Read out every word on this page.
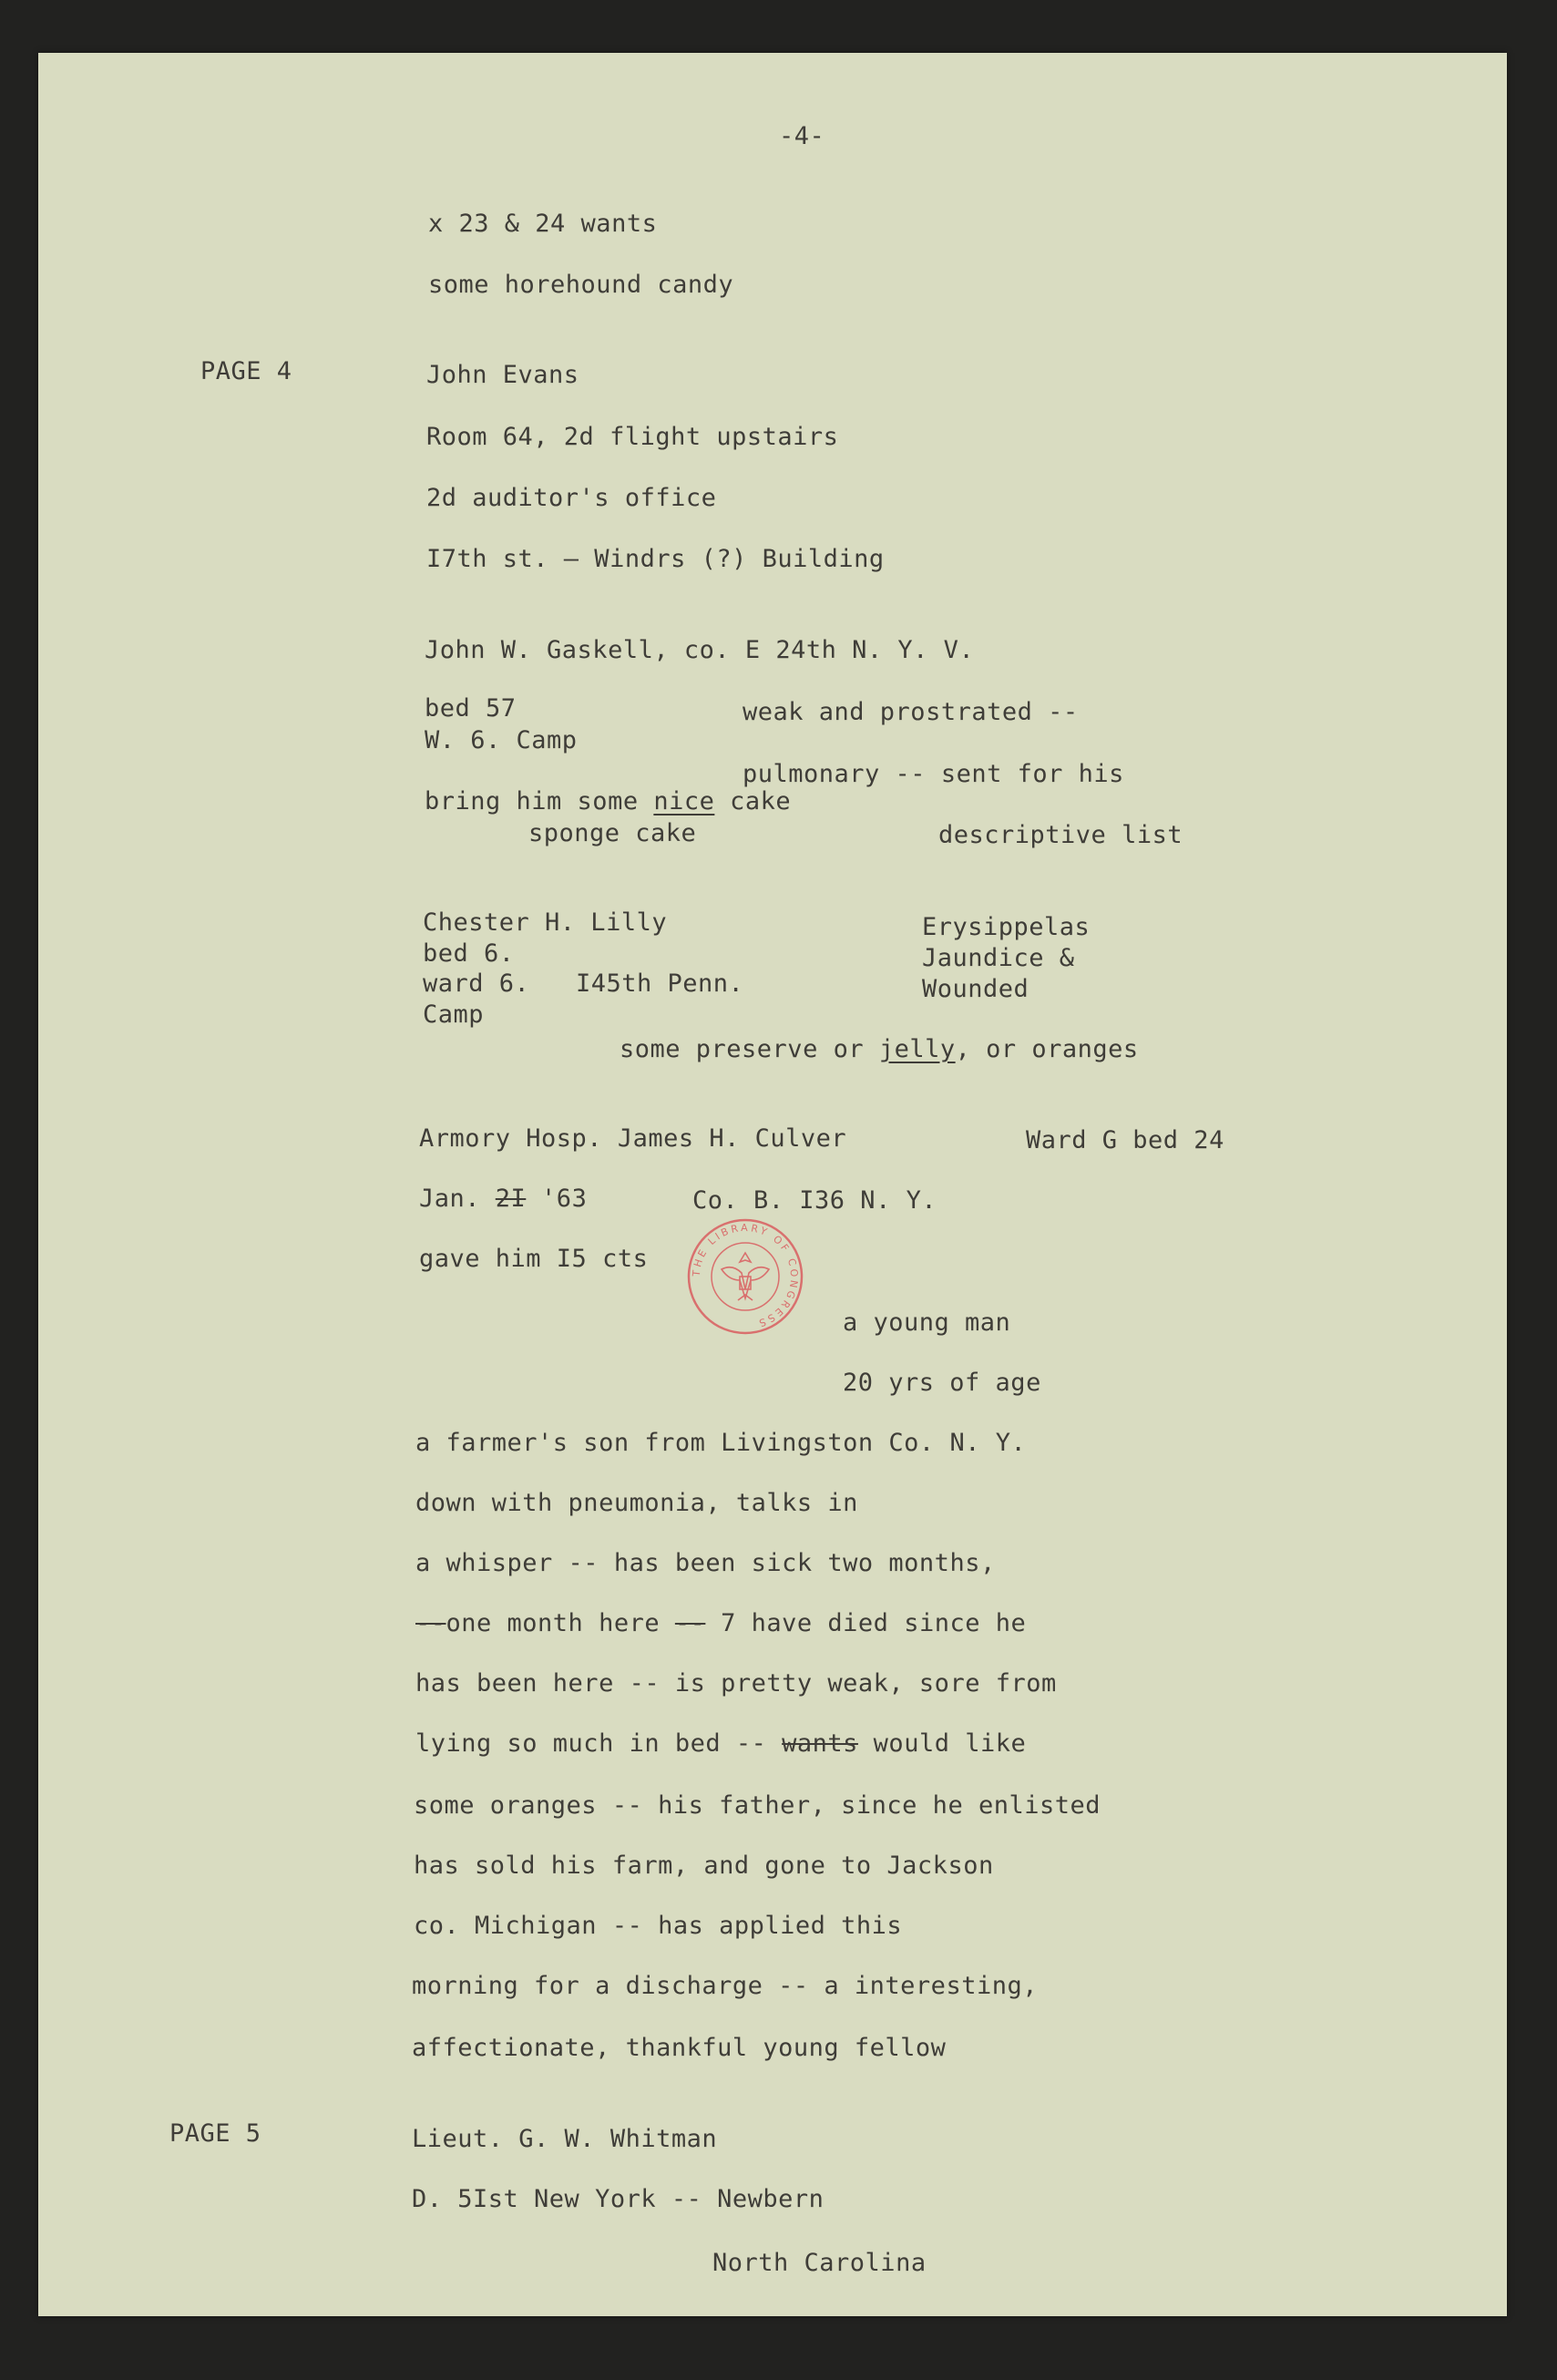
-4-
x 23 & 24 wants
some horehound candy
PAGE 4	John Evans
Room 64, 2d flight upstairs
2d auditor's office
I7th st. — Windrs (?) Building
John W. Gaskell, co. E 24th N. Y. V.
bed 57
W. 6. Camp
weak and prostrated --
pulmonary -- sent for his
bring him some nice cake
sponge cake	descriptive list
Chester H. Lilly
bed 6.
ward 6. I45th Penn.
Camp
Erysippelas
Jaundice &
Wounded
some preserve or jelly, or oranges
Armory Hosp. James H. Culver	Ward G bed 24
Jan. 2I '63	Co. B. I36 N. Y.
gave him I5 cts	THE LIBRARY OF CONGRESS	a young man
20 yrs of age
a farmer's son from Livingston Co. N. Y.
down with pneumonia, talks in
a whisper -- has been sick two months,
--one month here -- 7 have died since he
has been here -- is pretty weak, sore from
lying so much in bed -- wants would like
some oranges -- his father, since he enlisted
has sold his farm, and gone to Jackson
co. Michigan -- has applied this
morning for a discharge -- a interesting,
affectionate, thankful young fellow
PAGE 5	Lieut. G. W. Whitman
D. 5Ist New York -- Newbern
North Carolina
